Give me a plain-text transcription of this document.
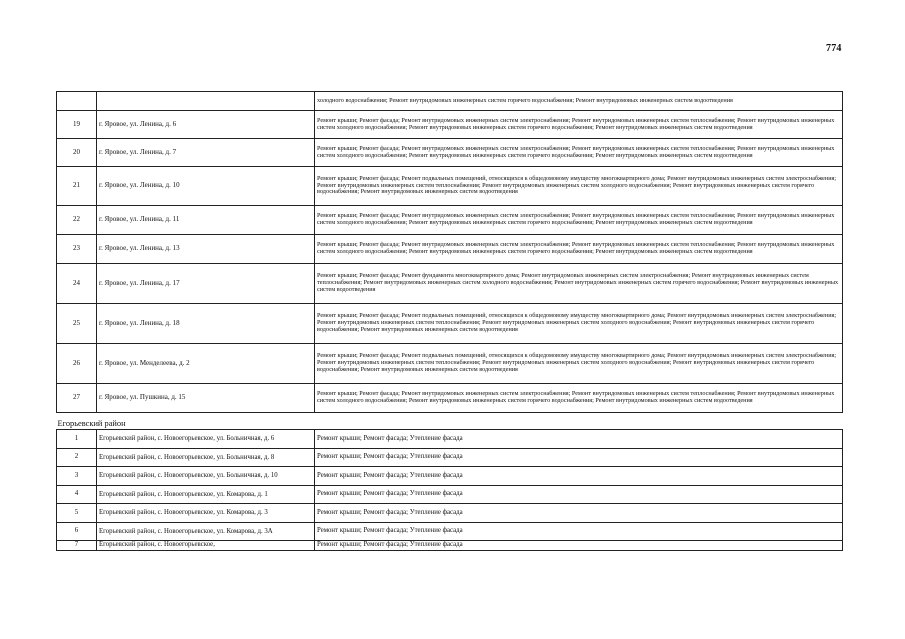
774
		холодного водоснабжения; Ремонт внутридомовых инженерных систем горячего водоснабжения; Ремонт внутридомовых инженерных систем водоотведения
19	г. Яровое, ул. Ленина, д. 6	Ремонт крыши; Ремонт фасада; Ремонт внутридомовых инженерных систем электроснабжения; Ремонт внутридомовых инженерных систем теплоснабжения; Ремонт внутридомовых инженерных систем холодного водоснабжения; Ремонт внутридомовых инженерных систем горячего водоснабжения; Ремонт внутридомовых инженерных систем водоотведения
20	г. Яровое, ул. Ленина, д. 7	Ремонт крыши; Ремонт фасада; Ремонт внутридомовых инженерных систем электроснабжения; Ремонт внутридомовых инженерных систем теплоснабжения; Ремонт внутридомовых инженерных систем холодного водоснабжения; Ремонт внутридомовых инженерных систем горячего водоснабжения; Ремонт внутридомовых инженерных систем водоотведения
21	г. Яровое, ул. Ленина, д. 10	Ремонт крыши; Ремонт фасада; Ремонт подвальных помещений, относящихся к общедомовому имуществу многоквартирного дома; Ремонт внутридомовых инженерных систем электроснабжения; Ремонт внутридомовых инженерных систем теплоснабжения; Ремонт внутридомовых инженерных систем холодного водоснабжения; Ремонт внутридомовых инженерных систем горячего водоснабжения; Ремонт внутридомовых инженерных систем водоотведения
22	г. Яровое, ул. Ленина, д. 11	Ремонт крыши; Ремонт фасада; Ремонт внутридомовых инженерных систем электроснабжения; Ремонт внутридомовых инженерных систем теплоснабжения; Ремонт внутридомовых инженерных систем холодного водоснабжения; Ремонт внутридомовых инженерных систем горячего водоснабжения; Ремонт внутридомовых инженерных систем водоотведения
23	г. Яровое, ул. Ленина, д. 13	Ремонт крыши; Ремонт фасада; Ремонт внутридомовых инженерных систем электроснабжения; Ремонт внутридомовых инженерных систем теплоснабжения; Ремонт внутридомовых инженерных систем холодного водоснабжения; Ремонт внутридомовых инженерных систем горячего водоснабжения; Ремонт внутридомовых инженерных систем водоотведения
24	г. Яровое, ул. Ленина, д. 17	Ремонт крыши; Ремонт фасада; Ремонт фундамента многоквартирного дома; Ремонт внутридомовых инженерных систем электроснабжения; Ремонт внутридомовых инженерных систем теплоснабжения; Ремонт внутридомовых инженерных систем холодного водоснабжения; Ремонт внутридомовых инженерных систем горячего водоснабжения; Ремонт внутридомовых инженерных систем водоотведения
25	г. Яровое, ул. Ленина, д. 18	Ремонт крыши; Ремонт фасада; Ремонт подвальных помещений, относящихся к общедомовому имуществу многоквартирного дома; Ремонт внутридомовых инженерных систем электроснабжения; Ремонт внутридомовых инженерных систем теплоснабжения; Ремонт внутридомовых инженерных систем холодного водоснабжения; Ремонт внутридомовых инженерных систем горячего водоснабжения; Ремонт внутридомовых инженерных систем водоотведения
26	г. Яровое, ул. Менделеева, д. 2	Ремонт крыши; Ремонт фасада; Ремонт подвальных помещений, относящихся к общедомовому имуществу многоквартирного дома; Ремонт внутридомовых инженерных систем электроснабжения; Ремонт внутридомовых инженерных систем теплоснабжения; Ремонт внутридомовых инженерных систем холодного водоснабжения; Ремонт внутридомовых инженерных систем горячего водоснабжения; Ремонт внутридомовых инженерных систем водоотведения
27	г. Яровое, ул. Пушкина, д. 15	Ремонт крыши; Ремонт фасада; Ремонт внутридомовых инженерных систем электроснабжения; Ремонт внутридомовых инженерных систем теплоснабжения; Ремонт внутридомовых инженерных систем холодного водоснабжения; Ремонт внутридомовых инженерных систем горячего водоснабжения; Ремонт внутридомовых инженерных систем водоотведения
Егорьевский район		
1	Егорьевский район, с. Новоегорьевское, ул. Больничная, д. 6	Ремонт крыши; Ремонт фасада; Утепление фасада
2	Егорьевский район, с. Новоегорьевское, ул. Больничная, д. 8	Ремонт крыши; Ремонт фасада; Утепление фасада
3	Егорьевский район, с. Новоегорьевское, ул. Больничная, д. 10	Ремонт крыши; Ремонт фасада; Утепление фасада
4	Егорьевский район, с. Новоегорьевское, ул. Комарова, д. 1	Ремонт крыши; Ремонт фасада; Утепление фасада
5	Егорьевский район, с. Новоегорьевское, ул. Комарова, д. 3	Ремонт крыши; Ремонт фасада; Утепление фасада
6	Егорьевский район, с. Новоегорьевское, ул. Комарова, д. 3А	Ремонт крыши; Ремонт фасада; Утепление фасада
7	Егорьевский район, с. Новоегорьевское,	Ремонт крыши; Ремонт фасада; Утепление фасада
